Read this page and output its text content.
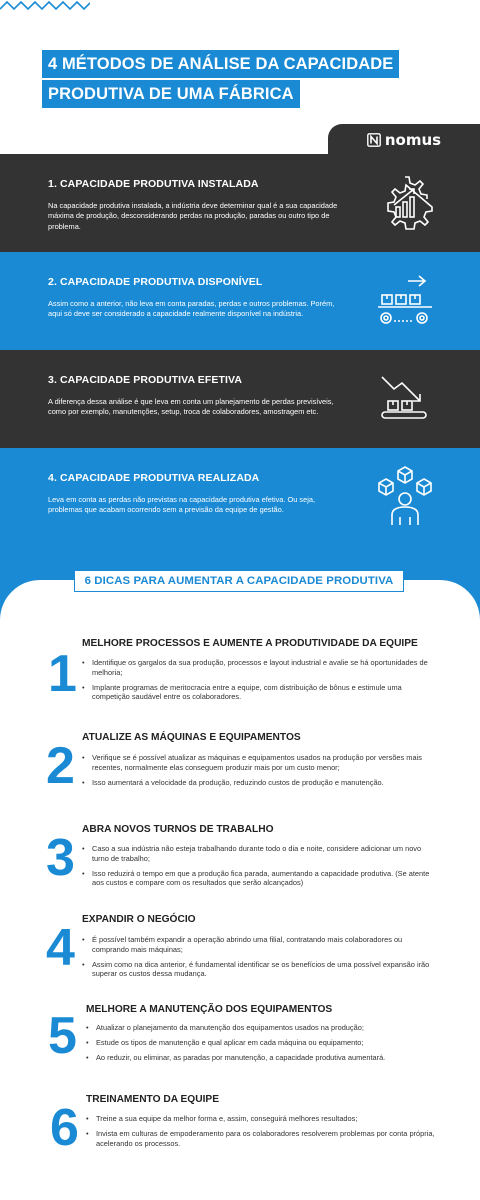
4 MÉTODOS DE ANÁLISE DA CAPACIDADE
PRODUTIVA DE UMA FÁBRICA
nomus
1. CAPACIDADE PRODUTIVA INSTALADA
Na capacidade produtiva instalada, a indústria deve determinar qual é a sua capacidade máxima de produção, desconsiderando perdas na produção, paradas ou outro tipo de problema.
2. CAPACIDADE PRODUTIVA DISPONÍVEL
Assim como a anterior, não leva em conta paradas, perdas e outros problemas. Porém, aqui só deve ser considerado a capacidade realmente disponível na indústria.
3. CAPACIDADE PRODUTIVA EFETIVA
A diferença dessa análise é que leva em conta um planejamento de perdas previsíveis, como por exemplo, manutenções, setup, troca de colaboradores, amostragem etc.
4. CAPACIDADE PRODUTIVA REALIZADA
Leva em conta as perdas não previstas na capacidade produtiva efetiva. Ou seja, problemas que acabam ocorrendo sem a previsão da equipe de gestão.
6 DICAS PARA AUMENTAR A CAPACIDADE PRODUTIVA
1
MELHORE PROCESSOS E AUMENTE A PRODUTIVIDADE DA EQUIPE
• Identifique os gargalos da sua produção, processos e layout industrial e avalie se há oportunidades de melhoria;
• Implante programas de meritocracia entre a equipe, com distribuição de bônus e estimule uma competição saudável entre os colaboradores.
2 ATUALIZE AS MÁQUINAS E EQUIPAMENTOS
• Verifique se é possível atualizar as máquinas e equipamentos usados na produção por versões mais recentes, normalmente elas conseguem produzir mais por um custo menor;
• Isso aumentará a velocidade da produção, reduzindo custos de produção e manutenção.
3 ABRA NOVOS TURNOS DE TRABALHO
• Caso a sua indústria não esteja trabalhando durante todo o dia e noite, considere adicionar um novo turno de trabalho;
• Isso reduzirá o tempo em que a produção fica parada, aumentando a capacidade produtiva. (Se atente aos custos e compare com os resultados que serão alcançados)
4 EXPANDIR O NEGÓCIO
• É possível também expandir a operação abrindo uma filial, contratando mais colaboradores ou comprando mais máquinas;
• Assim como na dica anterior, é fundamental identificar se os benefícios de uma possível expansão irão superar os custos dessa mudança.
5 MELHORE A MANUTENÇÃO DOS EQUIPAMENTOS
• Atualizar o planejamento da manutenção dos equipamentos usados na produção;
• Estude os tipos de manutenção e qual aplicar em cada máquina ou equipamento;
• Ao reduzir, ou eliminar, as paradas por manutenção, a capacidade produtiva aumentará.
6 TREINAMENTO DA EQUIPE
• Treine a sua equipe da melhor forma e, assim, conseguirá melhores resultados;
• Invista em culturas de empoderamento para os colaboradores resolverem problemas por conta própria, acelerando os processos.
